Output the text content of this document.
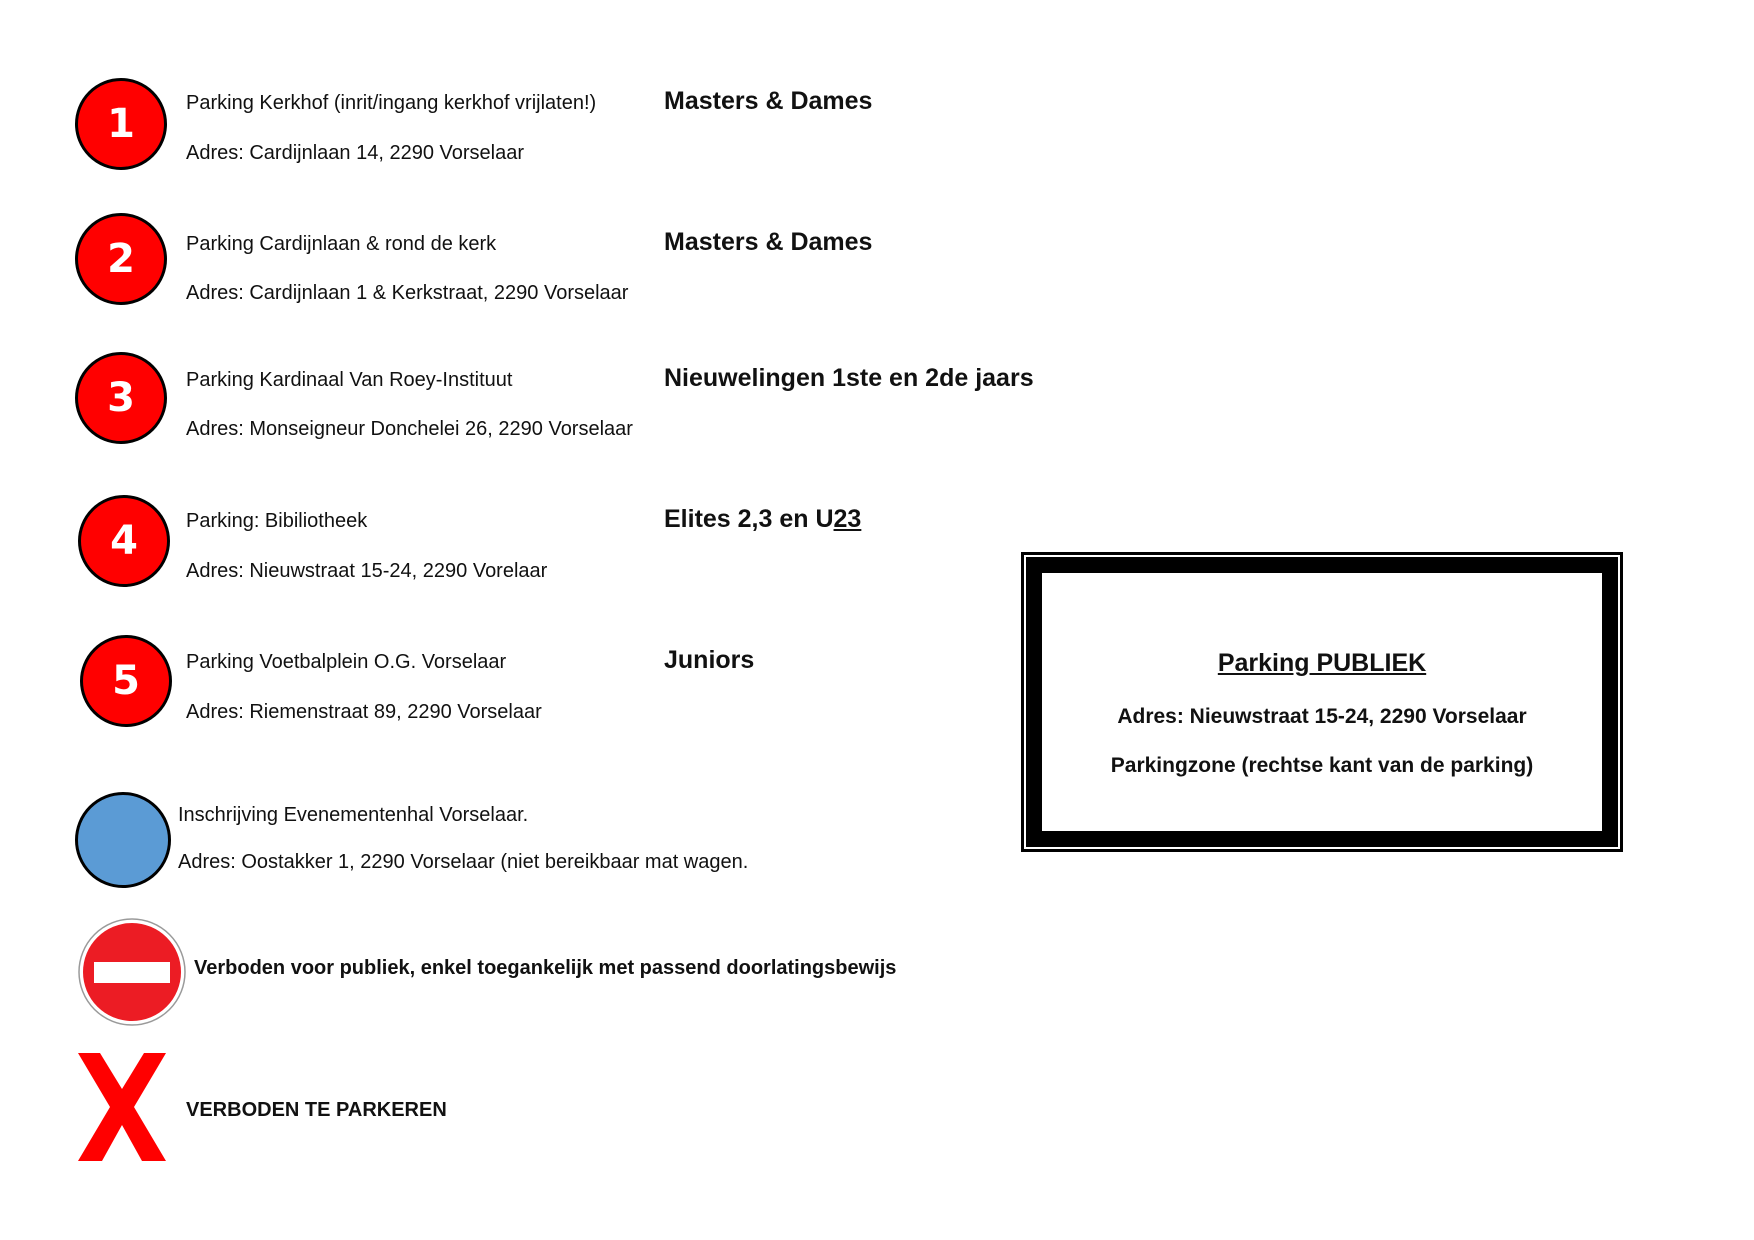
1	Parking Kerkhof (inrit/ingang kerkhof vrijlaten!)
Adres: Cardijnlaan 14, 2290 Vorselaar
Masters & Dames
2	Parking Cardijnlaan & rond de kerk
Adres: Cardijnlaan 1 & Kerkstraat, 2290 Vorselaar
Masters & Dames
3	Parking Kardinaal Van Roey-Instituut
Adres: Monseigneur Donchelei 26, 2290 Vorselaar
Nieuwelingen 1ste en 2de jaars
4 Parking: Bibiliotheek
Adres: Nieuwstraat 15-24, 2290 Vorelaar
Elites 2,3 en U23
5 Parking Voetbalplein O.G. Vorselaar
Adres: Riemenstraat 89, 2290 Vorselaar
Juniors
Inschrijving Evenementenhal Vorselaar.
Adres: Oostakker 1, 2290 Vorselaar (niet bereikbaar mat wagen.
Verboden voor publiek, enkel toegankelijk met passend doorlatingsbewijs
VERBODEN TE PARKEREN
Parking PUBLIEK
Adres: Nieuwstraat 15-24, 2290 Vorselaar
Parkingzone (rechtse kant van de parking)
